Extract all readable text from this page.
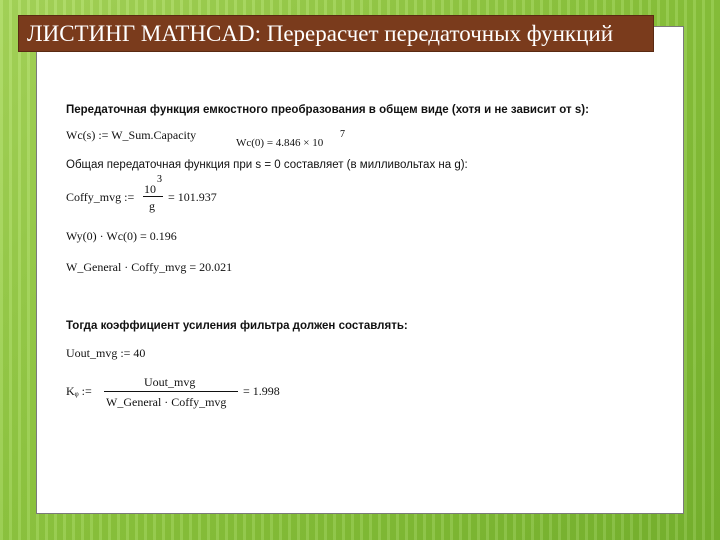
ЛИСТИНГ MATHCAD: Перерасчет передаточных функций
Передаточная функция емкостного преобразования в общем виде (хотя и не зависит от s):
Wc(s) := W_Sum.Capacity
Wc(0) = 4.846 × 10
7
Общая передаточная функция при s = 0 составляет (в милливольтах на g):
Coffy_mvg :=
10
3
g
= 101.937
Wy(0) · Wc(0) = 0.196
W_General · Coffy_mvg = 20.021
Тогда коэффициент усиления фильтра должен составлять:
Uout_mvg := 40
Kᵩ :=
Uout_mvg
W_General · Coffy_mvg
= 1.998
